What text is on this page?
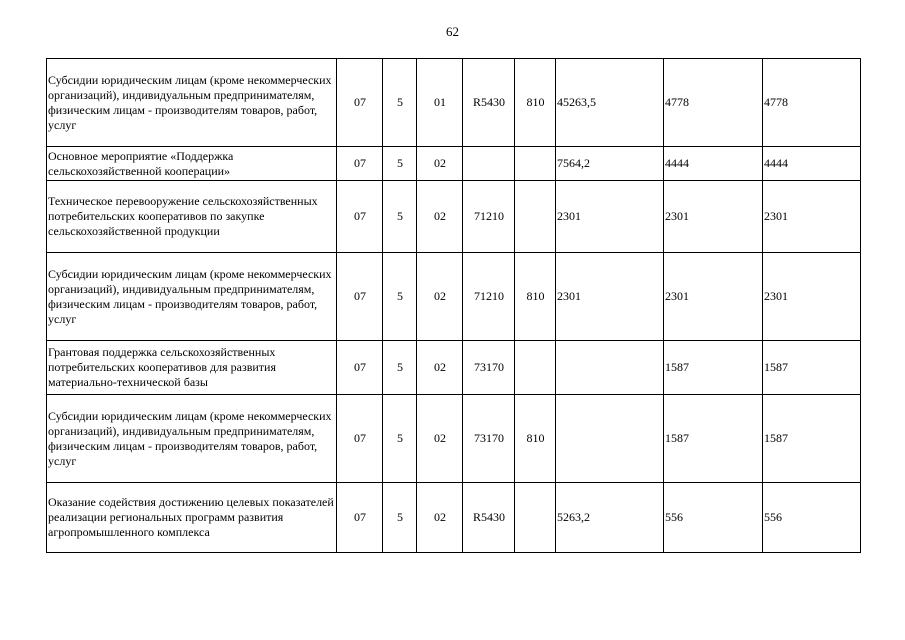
62
Субсидии юридическим лицам (кроме некоммерческих организаций), индивидуальным предпринимателям, физическим лицам - производителям товаров, работ, услуг	07	5	01	R5430	810	45263,5	4778	4778
Основное мероприятие «Поддержка сельскохозяйственной кооперации»	07	5	02			7564,2	4444	4444
Техническое перевооружение сельскохозяйственных потребительских кооперативов по закупке сельскохозяйственной продукции	07	5	02	71210		2301	2301	2301
Субсидии юридическим лицам (кроме некоммерческих организаций), индивидуальным предпринимателям, физическим лицам - производителям товаров, работ, услуг	07	5	02	71210	810	2301	2301	2301
Грантовая поддержка сельскохозяйственных потребительских кооперативов для развития материально-технической базы	07	5	02	73170			1587	1587
Субсидии юридическим лицам (кроме некоммерческих организаций), индивидуальным предпринимателям, физическим лицам - производителям товаров, работ, услуг	07	5	02	73170	810		1587	1587
Оказание содействия достижению целевых показателей реализации региональных программ развития агропромышленного комплекса	07	5	02	R5430		5263,2	556	556
